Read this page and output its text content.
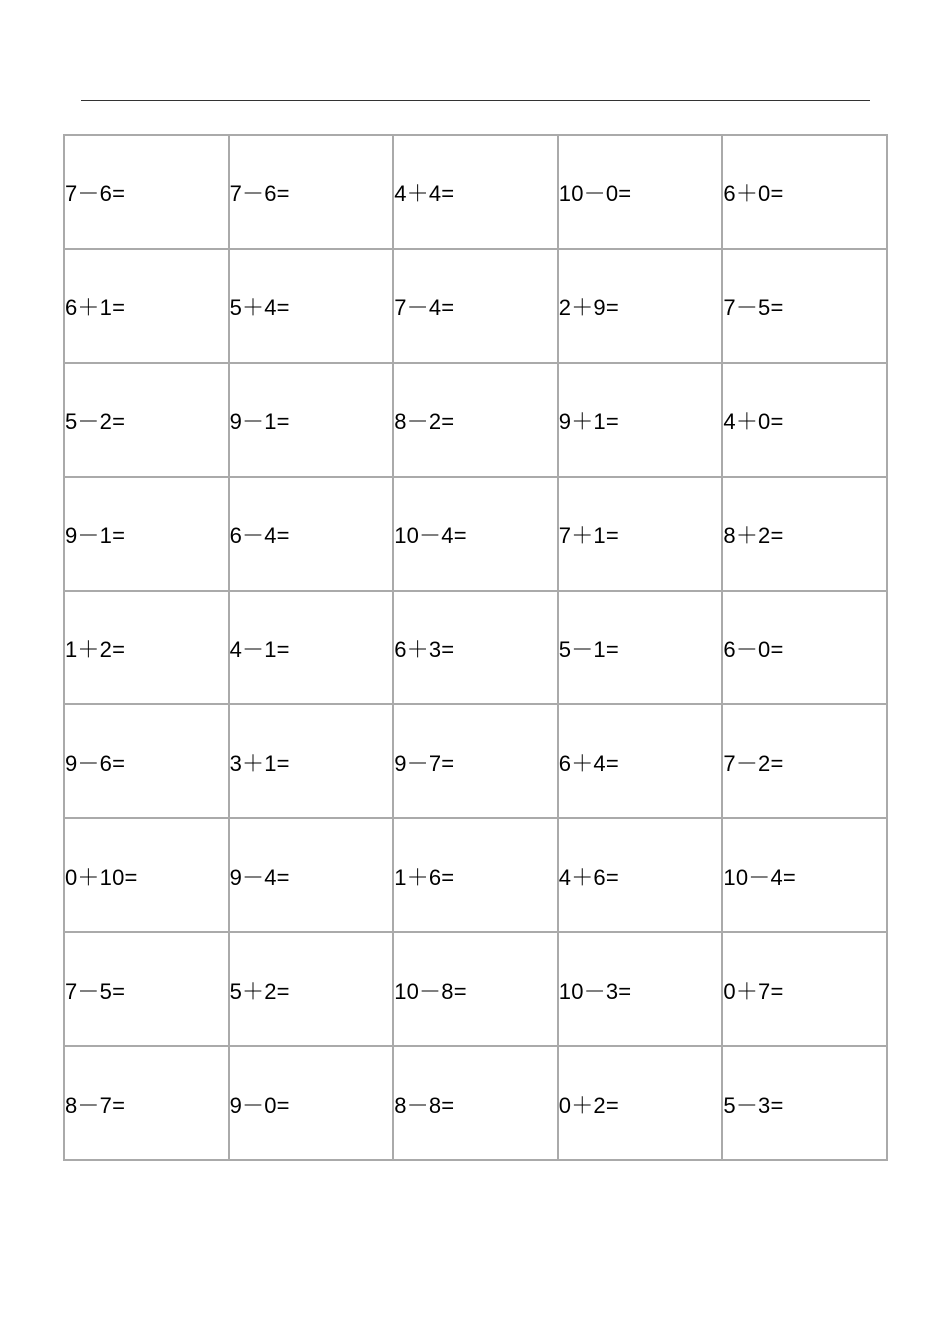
7－6=	7－6=	4＋4=	10－0=	6＋0=
6＋1=	5＋4=	7－4=	2＋9=	7－5=
5－2=	9－1=	8－2=	9＋1=	4＋0=
9－1=	6－4=	10－4=	7＋1=	8＋2=
1＋2=	4－1=	6＋3=	5－1=	6－0=
9－6=	3＋1=	9－7=	6＋4=	7－2=
0＋10=	9－4=	1＋6=	4＋6=	10－4=
7－5=	5＋2=	10－8=	10－3=	0＋7=
8－7=	9－0=	8－8=	0＋2=	5－3=
